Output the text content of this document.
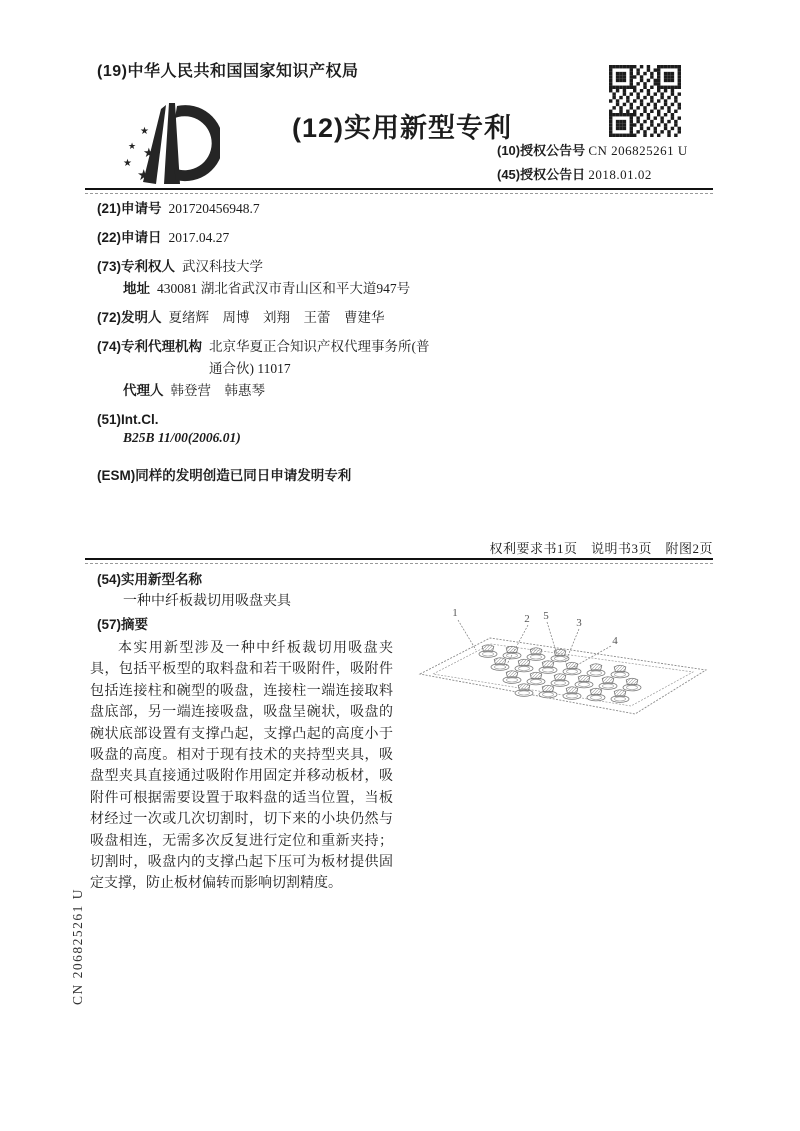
(19)中华人民共和国国家知识产权局
★
★ ★
★
★
(12)实用新型专利
(10)授权公告号 CN 206825261 U
(45)授权公告日 2018.01.02
(21)申请号 201720456948.7
(22)申请日 2017.04.27
(73)专利权人 武汉科技大学
地址 430081 湖北省武汉市青山区和平大道947号
(72)发明人 夏绪辉　周博　刘翔　王蕾　曹建华
(74)专利代理机构 北京华夏正合知识产权代理事务所(普通合伙) 11017
代理人 韩登营　韩惠琴
(51)Int.Cl.
B25B 11/00(2006.01)
(ESM)同样的发明创造已同日申请发明专利
权利要求书1页　说明书3页　附图2页
(54)实用新型名称
一种中纤板裁切用吸盘夹具
(57)摘要
本实用新型涉及一种中纤板裁切用吸盘夹具，包括平板型的取料盘和若干吸附件，吸附件包括连接柱和碗型的吸盘，连接柱一端连接取料盘底部，另一端连接吸盘，吸盘呈碗状，吸盘的碗状底部设置有支撑凸起，支撑凸起的高度小于吸盘的高度。相对于现有技术的夹持型夹具，吸盘型夹具直接通过吸附作用固定并移动板材，吸附件可根据需要设置于取料盘的适当位置，当板材经过一次或几次切割时，切下来的小块仍然与吸盘相连，无需多次反复进行定位和重新夹持；切割时，吸盘内的支撑凸起下压可为板材提供固定支撑，防止板材偏转而影响切割精度。
1	2 5
3
4
CN 206825261 U
